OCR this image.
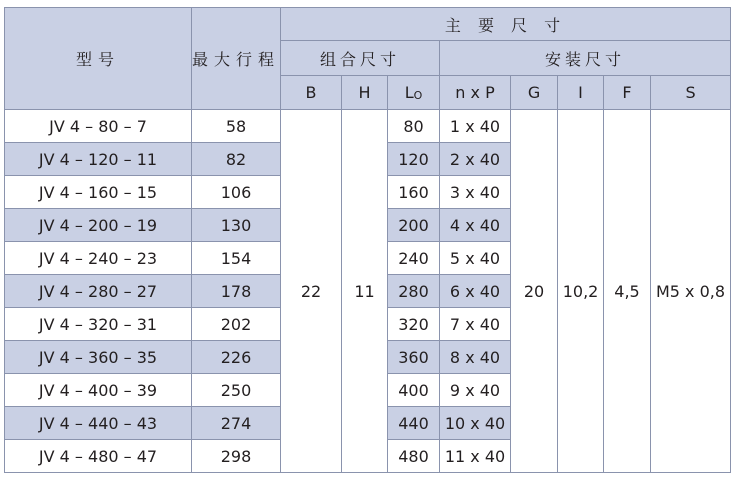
型号	最大行程	主 要 尺 寸							
		组合尺寸			安装尺寸				
		B	H	LO	n x P	G	I	F	S
JV 4 – 80 – 7	58	22	11	80	1 x 40	20	10,2	4,5	M5 x 0,8
JV 4 – 120 – 11	82			120	2 x 40				
JV 4 – 160 – 15	106			160	3 x 40				
JV 4 – 200 – 19	130			200	4 x 40				
JV 4 – 240 – 23	154			240	5 x 40				
JV 4 – 280 – 27	178			280	6 x 40				
JV 4 – 320 – 31	202			320	7 x 40				
JV 4 – 360 – 35	226			360	8 x 40				
JV 4 – 400 – 39	250			400	9 x 40				
JV 4 – 440 – 43	274			440	10 x 40				
JV 4 – 480 – 47	298			480	11 x 40				
